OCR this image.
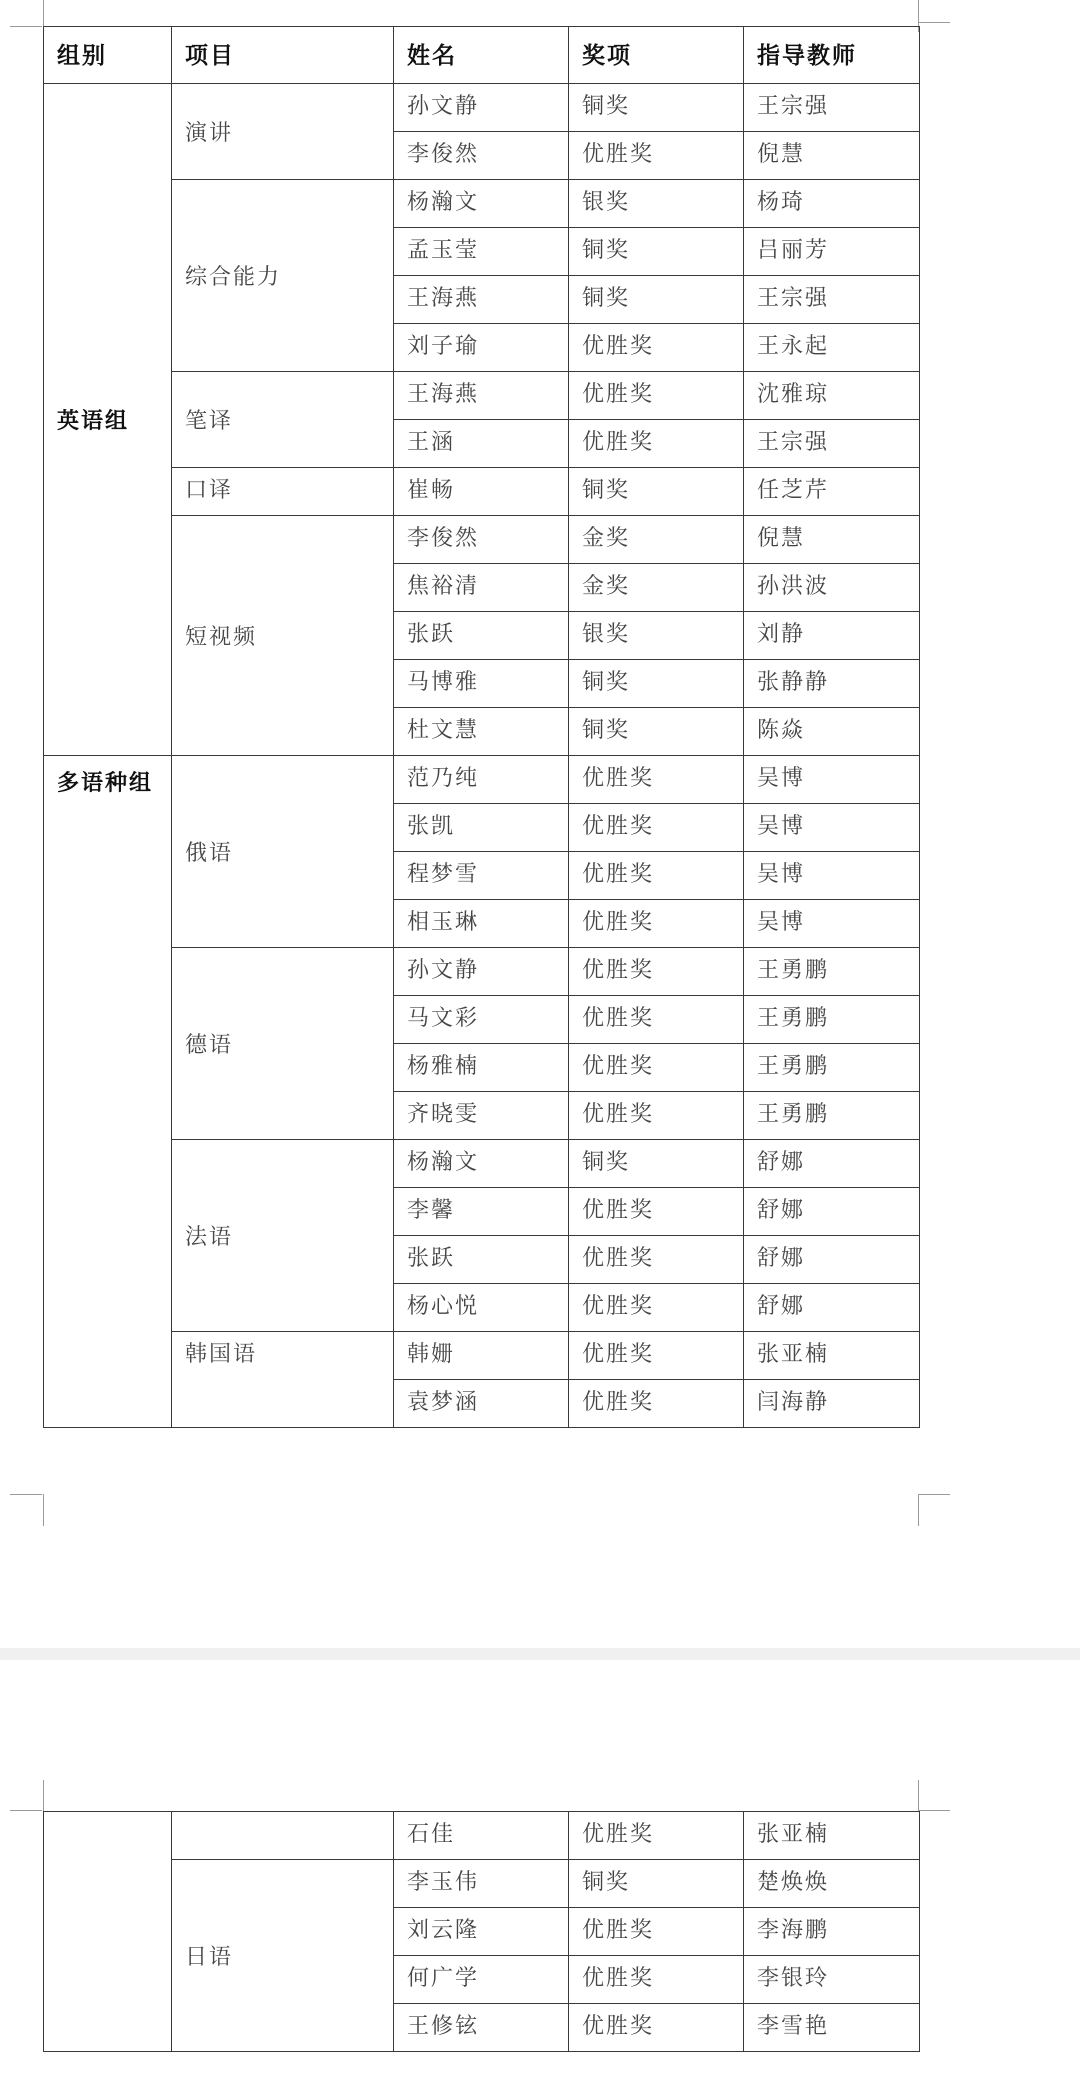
组别	项目	姓名	奖项	指导教师
英语组	演讲	孙文静	铜奖	王宗强
		李俊然	优胜奖	倪慧
	综合能力	杨瀚文	银奖	杨琦
		孟玉莹	铜奖	吕丽芳
		王海燕	铜奖	王宗强
		刘子瑜	优胜奖	王永起
	笔译	王海燕	优胜奖	沈雅琼
		王涵	优胜奖	王宗强
	口译	崔畅	铜奖	任芝芹
	短视频	李俊然	金奖	倪慧
		焦裕清	金奖	孙洪波
		张跃	银奖	刘静
		马博雅	铜奖	张静静
		杜文慧	铜奖	陈焱
多语种组	俄语	范乃纯	优胜奖	吴博
		张凯	优胜奖	吴博
		程梦雪	优胜奖	吴博
		相玉琳	优胜奖	吴博
	德语	孙文静	优胜奖	王勇鹏
		马文彩	优胜奖	王勇鹏
		杨雅楠	优胜奖	王勇鹏
		齐晓雯	优胜奖	王勇鹏
	法语	杨瀚文	铜奖	舒娜
		李馨	优胜奖	舒娜
		张跃	优胜奖	舒娜
		杨心悦	优胜奖	舒娜
	韩国语	韩姗	优胜奖	张亚楠
		袁梦涵	优胜奖	闫海静
		石佳	优胜奖	张亚楠
	日语	李玉伟	铜奖	楚焕焕
		刘云隆	优胜奖	李海鹏
		何广学	优胜奖	李银玲
		王修铉	优胜奖	李雪艳
